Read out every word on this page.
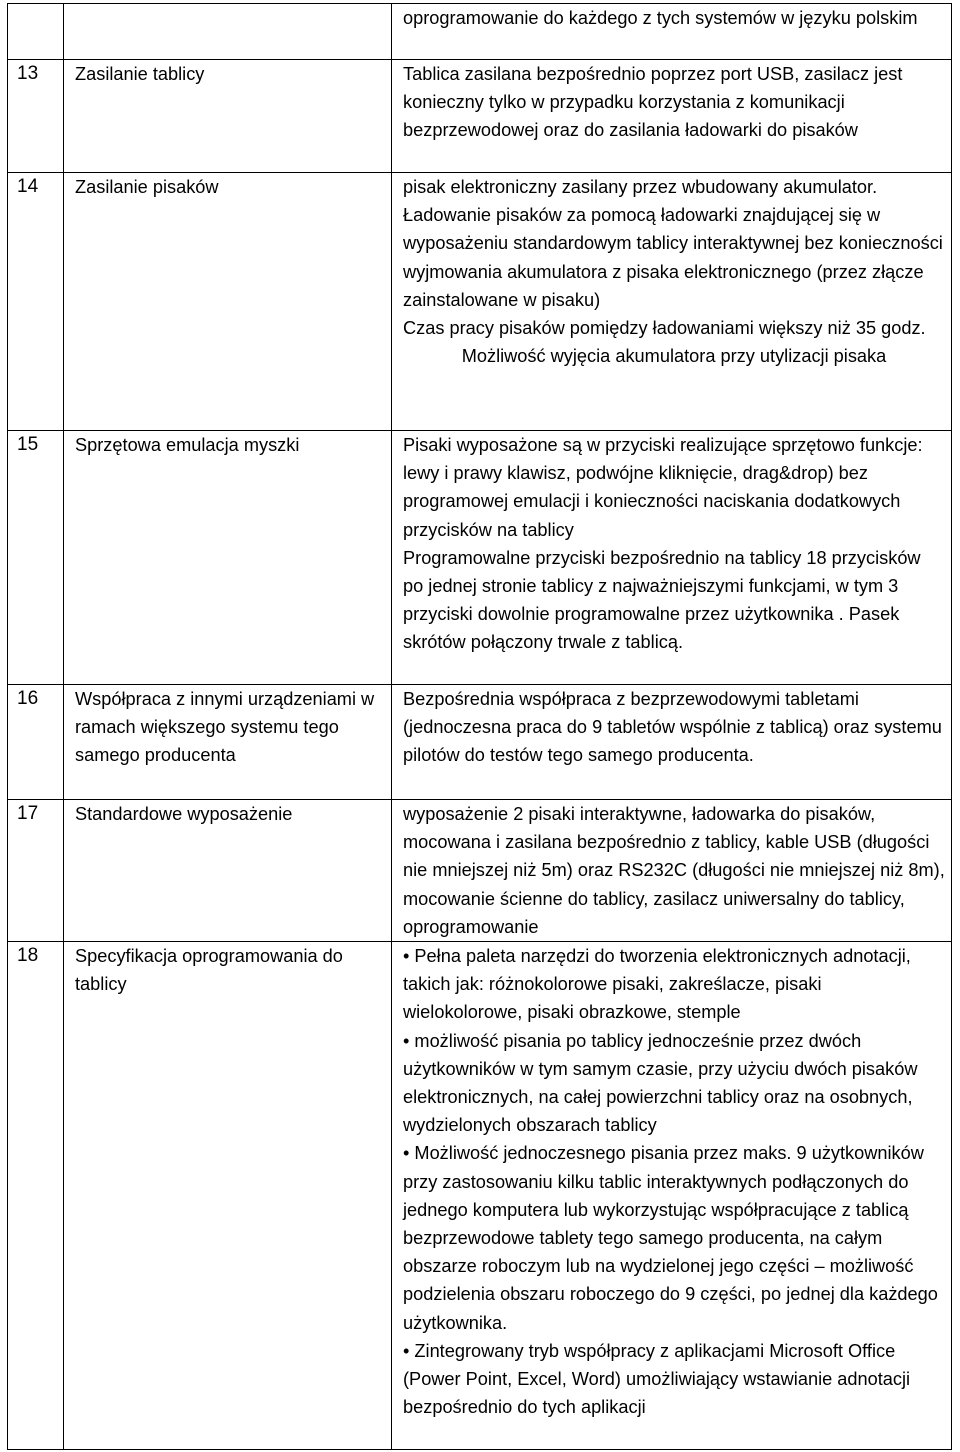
		oprogramowanie do każdego z tych systemów w języku polskim

13	Zasilanie tablicy	Tablica zasilana bezpośrednio poprzez port USB, zasilacz jest konieczny tylko w przypadku korzystania z komunikacji bezprzewodowej oraz do zasilania ładowarki do pisaków

14	Zasilanie pisaków	pisak elektroniczny zasilany przez wbudowany akumulator. Ładowanie pisaków za pomocą ładowarki znajdującej się w wyposażeniu standardowym tablicy interaktywnej bez konieczności wyjmowania akumulatora z pisaka elektronicznego (przez złącze zainstalowane w pisaku)
Czas pracy pisaków pomiędzy ładowaniami większy niż 35 godz.
Możliwość wyjęcia akumulatora przy utylizacji pisaka

15	Sprzętowa emulacja myszki	Pisaki wyposażone są w przyciski realizujące sprzętowo funkcje: lewy i prawy klawisz, podwójne kliknięcie, drag&drop) bez programowej emulacji i konieczności naciskania dodatkowych przycisków na tablicy
Programowalne przyciski bezpośrednio na tablicy 18 przycisków po jednej stronie tablicy z najważniejszymi funkcjami, w tym 3 przyciski dowolnie programowalne przez użytkownika . Pasek skrótów połączony trwale z tablicą.

16	Współpraca z innymi urządzeniami w ramach większego systemu tego samego producenta	Bezpośrednia współpraca z bezprzewodowymi tabletami (jednoczesna praca do 9 tabletów wspólnie z tablicą) oraz systemu pilotów do testów tego samego producenta.

17	Standardowe wyposażenie	wyposażenie 2 pisaki interaktywne, ładowarka do pisaków, mocowana i zasilana bezpośrednio z tablicy, kable USB (długości nie mniejszej niż 5m) oraz RS232C (długości nie mniejszej niż 8m), mocowanie ścienne do tablicy, zasilacz uniwersalny do tablicy, oprogramowanie

18	Specyfikacja oprogramowania do tablicy	• Pełna paleta narzędzi do tworzenia elektronicznych adnotacji, takich jak: różnokolorowe pisaki, zakreślacze, pisaki wielokolorowe, pisaki obrazkowe, stemple
• możliwość pisania po tablicy jednocześnie przez dwóch użytkowników w tym samym czasie, przy użyciu dwóch pisaków elektronicznych, na całej powierzchni tablicy oraz na osobnych, wydzielonych obszarach tablicy
• Możliwość jednoczesnego pisania przez maks. 9 użytkowników przy zastosowaniu kilku tablic interaktywnych podłączonych do jednego komputera lub wykorzystując współpracujące z tablicą bezprzewodowe tablety tego samego producenta, na całym obszarze roboczym lub na wydzielonej jego części – możliwość podzielenia obszaru roboczego do 9 części, po jednej dla każdego użytkownika.
• Zintegrowany tryb współpracy z aplikacjami Microsoft Office (Power Point, Excel, Word) umożliwiający wstawianie adnotacji bezpośrednio do tych aplikacji
